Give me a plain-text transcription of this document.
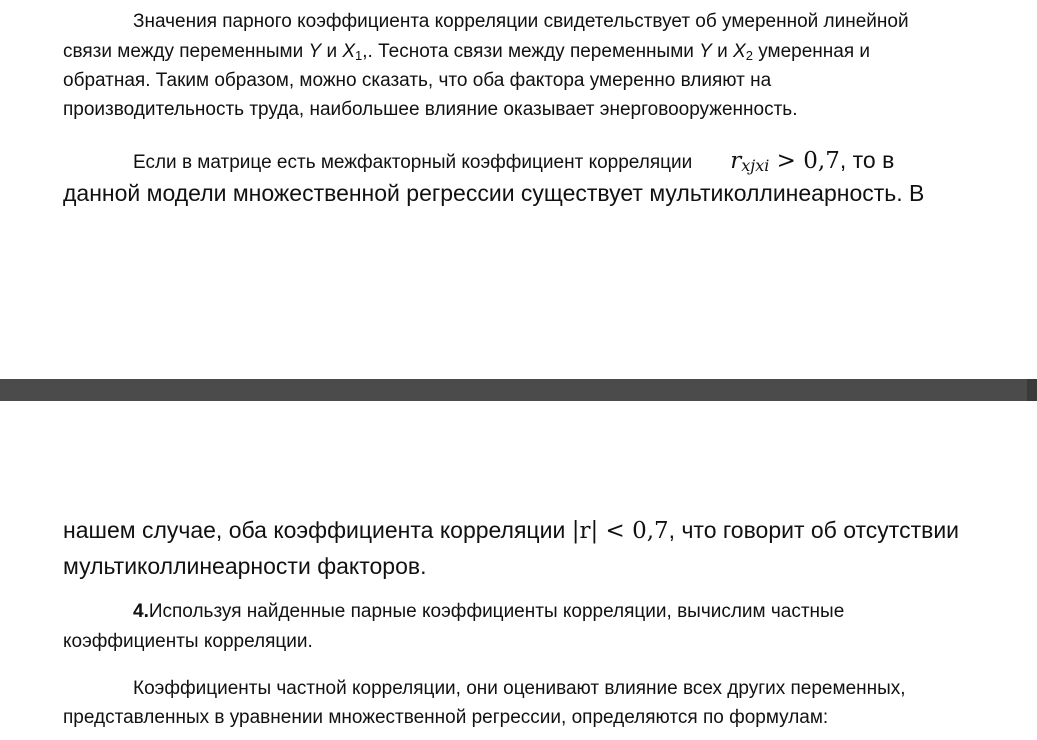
Значения парного коэффициента корреляции свидетельствует об умеренной линейной
связи между переменными Y и $X_1$,. Теснота связи между переменными Y и $X_2$ умеренная и
обратная. Таким образом, можно сказать, что оба фактора умеренно влияют на
производительность труда, наибольшее влияние оказывает энерговооруженность.
Если в матрице есть межфакторный коэффициент корреляции $r_{xjxi} > 0,7$, то в
данной модели множественной регрессии существует мультиколлинеарность. В
нашем случае, оба коэффициента корреляции |r| < 0,7, что говорит об отсутствии
мультиколлинеарности факторов.
4.Используя найденные парные коэффициенты корреляции, вычислим частные
коэффициенты корреляции.
Коэффициенты частной корреляции, они оценивают влияние всех других переменных,
представленных в уравнении множественной регрессии, определяются по формулам:
